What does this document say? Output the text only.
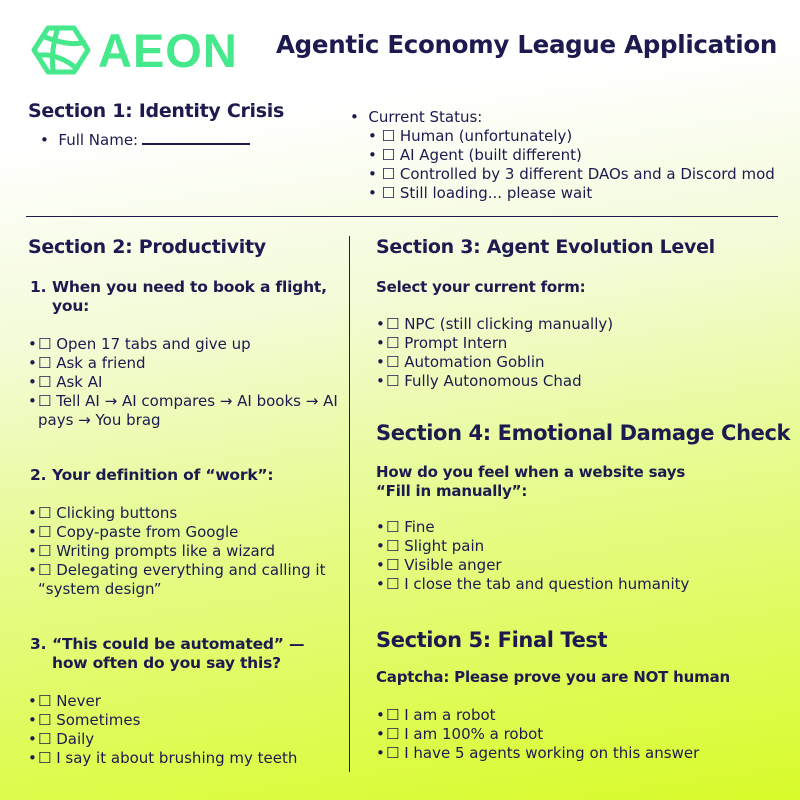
AEON Agentic Economy League Application
Section 1: Identity Crisis
•  Full Name:
•  Current Status:
• ☐ Human (unfortunately)
• ☐ AI Agent (built different)
• ☐ Controlled by 3 different DAOs and a Discord mod
• ☐ Still loading... please wait
Section 2: Productivity
1. When you need to book a flight, you:
• ☐ Open 17 tabs and give up
• ☐ Ask a friend
• ☐ Ask AI
• ☐ Tell AI → AI compares → AI books → AI pays → You brag
2. Your definition of “work”:
• ☐ Clicking buttons
• ☐ Copy-paste from Google
• ☐ Writing prompts like a wizard
• ☐ Delegating everything and calling it “system design”
3. “This could be automated” — how often do you say this?
• ☐ Never
• ☐ Sometimes
• ☐ Daily
• ☐ I say it about brushing my teeth
Section 3: Agent Evolution Level
Select your current form:
• ☐ NPC (still clicking manually)
• ☐ Prompt Intern
• ☐ Automation Goblin
• ☐ Fully Autonomous Chad
Section 4: Emotional Damage Check
How do you feel when a website says “Fill in manually”:
• ☐ Fine
• ☐ Slight pain
• ☐ Visible anger
• ☐ I close the tab and question humanity
Section 5: Final Test
Captcha: Please prove you are NOT human
• ☐ I am a robot
• ☐ I am 100% a robot
• ☐ I have 5 agents working on this answer
